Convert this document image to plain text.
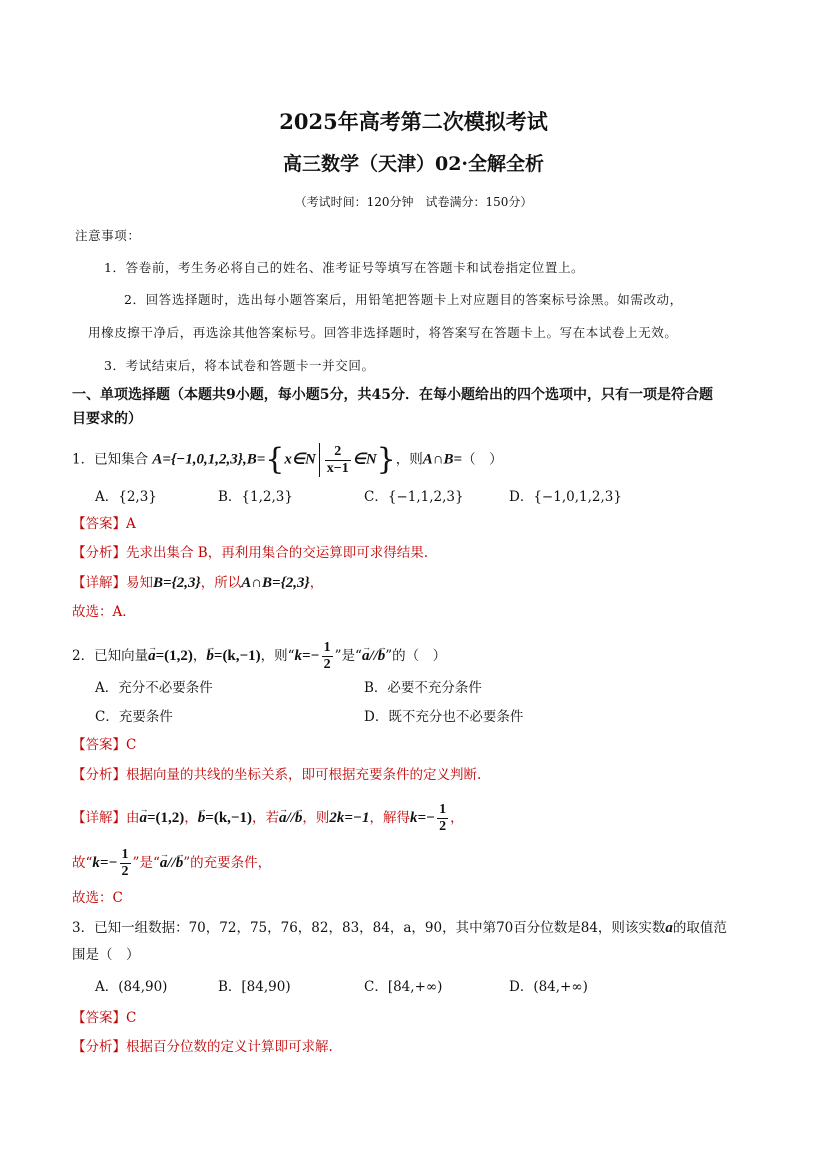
2025年高考第二次模拟考试
高三数学（天津）02·全解全析
（考试时间：120分钟　试卷满分：150分）
注意事项：
1．答卷前，考生务必将自己的姓名、准考证号等填写在答题卡和试卷指定位置上。
2．回答选择题时，选出每小题答案后，用铅笔把答题卡上对应题目的答案标号涂黑。如需改动，
用橡皮擦干净后，再选涂其他答案标号。回答非选择题时，将答案写在答题卡上。写在本试卷上无效。
3．考试结束后，将本试卷和答题卡一并交回。
一、单项选择题（本题共9小题，每小题5分，共45分．在每小题给出的四个选项中，只有一项是符合题
目要求的）
1．已知集合 A={−1,0,1,2,3},B={x∈N $\frac{2}{x-1}$ ∈N}，则A∩B=（　）
A．{2,3}	B．{1,2,3}	C．{−1,1,2,3}	D．{−1,0,1,2,3}
【答案】A
【分析】先求出集合 B，再利用集合的交运算即可求得结果.
【详解】易知B={2,3}，所以A∩B={2,3}，
故选：A．
2．已知向量→ a=(1,2)，→ b=(k,−1)，则“$k=- \frac{1}{2}$ ”是“→ a//→ b”的（　）
A．充分不必要条件	B．必要不充分条件
C．充要条件	D．既不充分也不必要条件
【答案】C
【分析】根据向量的共线的坐标关系，即可根据充要条件的定义判断.
【详解】由→ a=(1,2)，→ b=(k,−1)，若→ a//→ b，则2k=−1，解得$k=- \frac{1}{2}$ ，
故“$k=- \frac{1}{2}$ ”是“→ a//→ b”的充要条件，
故选：C
3．已知一组数据：70，72，75，76，82，83，84，a，90，其中第70百分位数是84，则该实数a的取值范
围是（　）
A．(84,90)	B．[84,90)	C．[84,+∞)	D．(84,+∞)
【答案】C
【分析】根据百分位数的定义计算即可求解.
